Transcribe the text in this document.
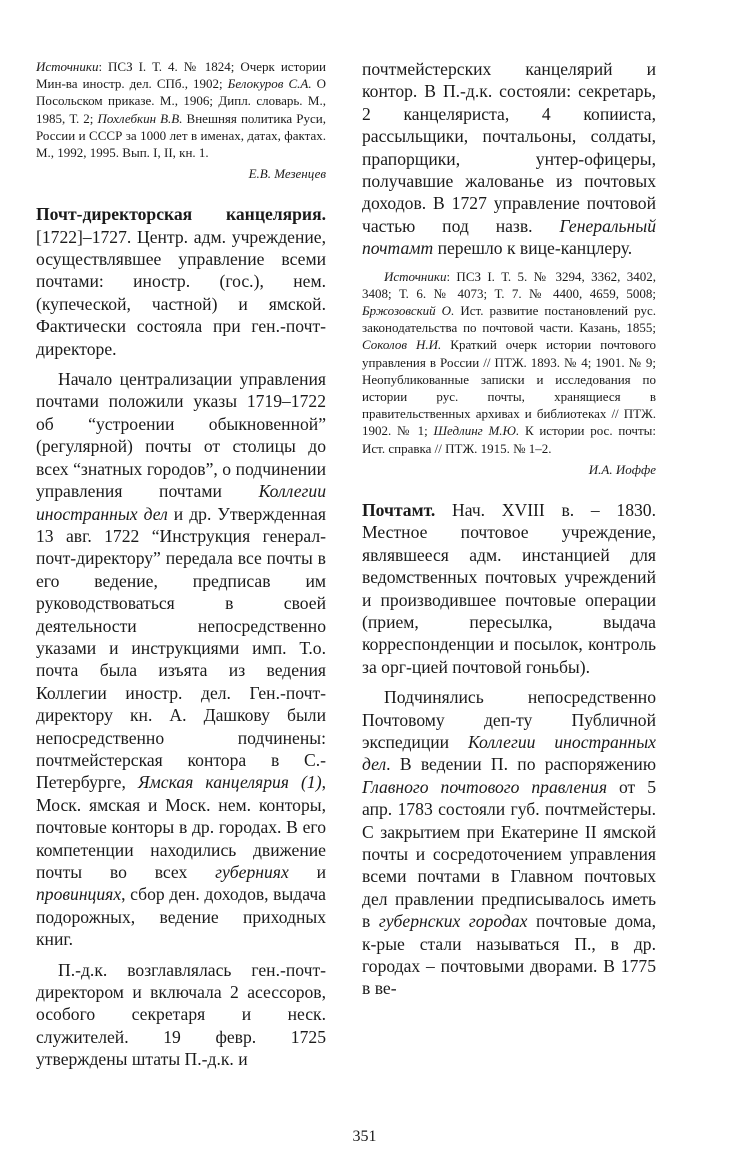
Источники: ПСЗ I. Т. 4. № 1824; Очерк истории Мин-ва иностр. дел. СПб., 1902; Белокуров С.А. О Посольском приказе. М., 1906; Дипл. словарь. М., 1985, Т. 2; Похлебкин В.В. Внешняя политика Руси, России и СССР за 1000 лет в именах, датах, фактах. М., 1992, 1995. Вып. I, II, кн. 1.

Е.В. Мезенцев

Почт-директорская канцелярия. [1722]–1727. Центр. адм. учреждение, осуществлявшее управление всеми почтами: иностр. (гос.), нем. (купеческой, частной) и ямской. Фактически состояла при ген.-почт-директоре.

Начало централизации управления почтами положили указы 1719–1722 об “устроении обыкновенной” (регулярной) почты от столицы до всех “знатных городов”, о подчинении управления почтами Коллегии иностранных дел и др. Утвержденная 13 авг. 1722 “Инструкция генерал-почт-директору” передала все почты в его ведение, предписав им руководствоваться в своей деятельности непосредственно указами и инструкциями имп. Т.о. почта была изъята из ведения Коллегии иностр. дел. Ген.-почт-директору кн. А. Дашкову были непосредственно подчинены: почтмейстерская контора в С.-Петербурге, Ямская канцелярия (1), Моск. ямская и Моск. нем. конторы, почтовые конторы в др. городах. В его компетенции находились движение почты во всех губерниях и провинциях, сбор ден. доходов, выдача подорожных, ведение приходных книг.

П.-д.к. возглавлялась ген.-почт-директором и включала 2 асессоров, особого секретаря и неск. служителей. 19 февр. 1725 утверждены штаты П.-д.к. и

почтмейстерских канцелярий и контор. В П.-д.к. состояли: секретарь, 2 канцеляриста, 4 копииста, рассыльщики, почтальоны, солдаты, прапорщики, унтер-офицеры, получавшие жалованье из почтовых доходов. В 1727 управление почтовой частью под назв. Генеральный почтамт перешло к вице-канцлеру.

Источники: ПСЗ I. Т. 5. № 3294, 3362, 3402, 3408; Т. 6. № 4073; Т. 7. № 4400, 4659, 5008; Бржозовский О. Ист. развитие постановлений рус. законодательства по почтовой части. Казань, 1855; Соколов Н.И. Краткий очерк истории почтового управления в России // ПТЖ. 1893. № 4; 1901. № 9; Неопубликованные записки и исследования по истории рус. почты, хранящиеся в правительственных архивах и библиотеках // ПТЖ. 1902. № 1; Шедлинг М.Ю. К истории рос. почты: Ист. справка // ПТЖ. 1915. № 1–2.

И.А. Иоффе

Почтамт. Нач. XVIII в. – 1830. Местное почтовое учреждение, являвшееся адм. инстанцией для ведомственных почтовых учреждений и производившее почтовые операции (прием, пересылка, выдача корреспонденции и посылок, контроль за орг-цией почтовой гоньбы).

Подчинялись непосредственно Почтовому деп-ту Публичной экспедиции Коллегии иностранных дел. В ведении П. по распоряжению Главного почтового правления от 5 апр. 1783 состояли губ. почтмейстеры. С закрытием при Екатерине II ямской почты и сосредоточением управления всеми почтами в Главном почтовых дел правлении предписывалось иметь в губернских городах почтовые дома, к-рые стали называться П., в др. городах – почтовыми дворами. В 1775 в ве-

351
